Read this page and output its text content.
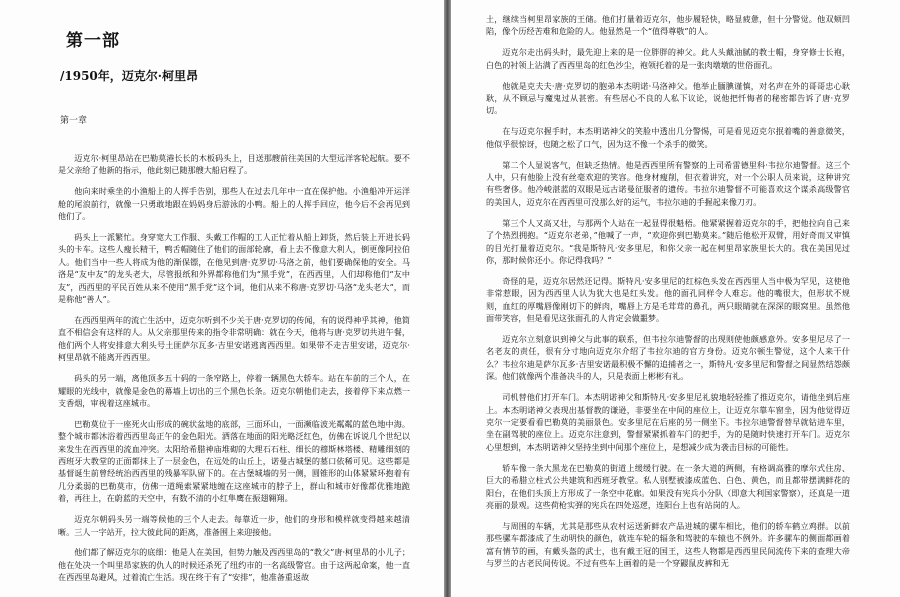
第一部
/1950年，迈克尔·柯里昂
第一章

迈克尔·柯里昂站在巴勒莫港长长的木板码头上，目送那艘前往美国的大型远洋客轮起航。要不是父亲给了他新的指示，他此刻已随那艘大船启程了。

他向来时乘坐的小渔船上的人挥手告别，那些人在过去几年中一直在保护他。小渔船冲开运洋舱的尾浪前行，就像一只勇敢地跟在妈妈身后游泳的小鸭。船上的人挥手回应，他今后不会再见到他们了。

码头上一派繁忙。身穿宽大工作服、头戴工作帽的工人正忙着从船上卸货，然后装上开进长码头的卡车。这些人瘦长精干，鸭舌帽随住了他们的面部轮廓，看上去不像意大利人，倒更像阿拉伯人。他们当中一些人将成为他的渐保镖，在他见到唐·克罗切·马洛之前，他们要确保他的安全。马洛是“友中友”的龙头老大，尽管报纸和外界都称他们为“黑手党”，在西西里，人们却称他们“友中友”，西西里的平民百姓从来不使用“黑手党”这个词，他们从来不称唐·克罗切·马洛“龙头老大”，而是称他“善人”。

在西西里两年的流亡生活中，迈克尔听到不少关于唐·克罗切的传闻，有的说得神乎其神，他简直不相信会有这样的人。从父亲那里传来的指令非常明确：就在今天，他将与唐·克罗切共进午餐，他们两个人将安排意大利头号土匪萨尔瓦多·吉里安诺逃离西西里。如果带不走吉里安诺，迈克尔·柯里昂就不能离开西西里。

码头的另一端，离他顶多五十码的一条窄路上，停着一辆黑色大轿车。站在车前的三个人，在耀眼的光线中，就像是金色的幕墙上切出的三个黑色长条。迈克尔朝他们走去，接着停下来点燃一支香烟，审视着这座城市。

巴勒莫位于一座死火山形成的碗状盆地的底部，三面环山，一面濒临波光粼粼的蓝色地中海。整个城市都沐浴着西西里岛正午的金色阳光。洒落在地面的阳光略泛红色，仿佛在诉说几个世纪以来发生在西西里的流血冲突。太阳给希腊神庙堆砌的大理石石柱、细长的穆斯林塔楼、精雕细刻的西班牙大教堂的正面都抹上了一层金色，在远处的山丘上，诺曼古城堡的墓口依稀可见。这些都是基督诞生前曾经统治西西里的残暴军队留下的。在古堡城墙的另一侧，圆锥形的山体紧紧环抱着有几分柔弱的巴勒莫市，仿佛一道绳索紧紧地缠在这座城市的脖子上，群山和城市好像都优雅地跪着，再往上，在蔚蓝的天空中，有数不清的小红隼鹰在振翅翱翔。

迈克尔朝码头另一端等候他的三个人走去。每靠近一步，他们的身形和模样就变得越来越清晰。三人一字站开，拉大彼此间的距离，准备围上来迎接他。

他们都了解迈克尔的底细：他是人在美国，但势力触及西西里岛的“教父”唐·柯里昂的小儿子；他在处决一个叫里昂家族的仇人的时候还杀死了纽约市的一名高级警官。由于这两起命案，他一直在西西里岛避风，过着流亡生活。现在终于有了“安排”，他准备重返故

土，继续当柯里昂家族的王储。他们打量着迈克尔，他步履轻快，略显疲惫，但十分警觉。他双颊凹陷，像个历经苦难和危险的人。他显然是一个“值得尊敬”的人。

迈克尔走出码头时，最先迎上来的是一位胖胖的神父。此人头戴油腻的教士帽，身穿修士长袍，白色的衬领上沾满了西西里岛的红色沙尘，袍领托着的是一张肉墩墩的世俗面孔。

他就是克夫夫·唐·克罗切的胞弟本杰明诺·马洛神父。他举止腼腆谨慎，对名声在外的哥哥忠心耿耿，从不顾忌与魔鬼过从甚密。有些居心不良的人私下议论，说他把忏悔者的秘密都告诉了唐·克罗切。

在与迈克尔握手时，本杰明诺神父的笑脸中透出几分警惕，可是看见迈克尔抿着嘴的善意微笑，他似乎很惊讶，也随之松了口气，因为这不像一个杀手的微笑。

第二个人显说客气，但缺乏热情。他是西西里所有警察的上司希雷德里科·韦拉尔迪警督。这三个人中，只有他脸上没有丝毫欢迎的笑容。他身材瘦削，但衣着讲究，对一个公职人员来说，这种讲究有些奢侈。他冷峻湛蓝的双眼是远古诺曼征服者的遗传。韦拉尔迪警督不可能喜欢这个谋杀高级警官的美国人，迈克尔在西西里可没那么好的运气，韦拉尔迪的手握起来像刀刃。

第三个人又高又壮，与那两个人站在一起显得很魁梧。他紧紧握着迈克尔的手，把他拉向自己来了个热烈拥抱。“迈克尔老弟，”他喊了一声，“欢迎你到巴勒莫来。”随后他松开双臂，用好奇而又审慎的目光打量着迈克尔。“我是斯特凡·安多里尼，和你父亲一起在柯里昂家族里长大的。我在美国见过你，那时候你还小。你记得我吗？”

奇怪的是，迈克尔居然还记得。斯特凡·安多里尼的红棕色头发在西西里人当中极为罕见，这使他非常惹眼，因为西西里人认为犹大也是红头发。他的面孔同样令人难忘。他的嘴很大，但形状不规则，血红的厚嘴唇像刚切下的鲜肉，嘴唇上方是毛茸茸的鼻孔，两只眼睛就在深深的眼窝里。虽然他面带笑容，但是看见这张面孔的人肯定会做噩梦。

迈克尔立刻意识到神父与此事的联系，但韦拉尔迪警督的出现则使他颇感意外。安多里尼尽了一名老友的责任，很有分寸地向迈克尔介绍了韦拉尔迪的官方身份。迈克尔顿生警觉，这个人来干什么？韦拉尔迪是萨尔瓦多·吉里安诺最积极不懈的追捕者之一，斯特凡·安多里尼和警督之间显然结怨颇深。他们就像两个准备决斗的人，只是表面上彬彬有礼。

司机替他们打开车门。本杰明诺神父和斯特凡·安多里尼礼貌地轻轻推了推迈克尔，请他坐到后座上。本杰明诺神父表现出基督教的谦逊，非要坐在中间的座位上，让迈克尔靠车窗坐，因为他觉得迈克尔一定要看看巴勒莫的美丽景色。安多里尼在后座的另一侧坐下。韦拉尔迪警督替早就钻进车里，坐在副驾驶的座位上。迈克尔注意到，警督紧紧抓着车门的把手，为的是随时快速打开车门。迈克尔心里想到，本杰明诺神父坚持坐到中间那个座位上，是想减少成为袭击目标的可能性。

轿车像一条大黑龙在巴勒莫的街道上缓缓行驶。在一条大道的两侧，有格调高雅的摩尔式住房、巨大的希腊立柱式公共建筑和西班牙教堂。私人别墅被漆成蓝色、白色、黄色，而且都带摆满鲜花的阳台，在他们头顶上方形成了一条空中花廊。如果没有宪兵小分队（即意大利国家警察），还真是一道亮丽的景观。这些荷枪实弹的宪兵在四处巡逻，连阳台上也有站岗的人。

与周围的车辆，尤其是那些从农村运送新鲜农产品进城的骡车相比，他们的轿车鹤立鸡群。以前那些骡车都漆成了生动明快的颜色，就连车轮的辐条和驾驶的车辕也不例外。许多骡车的侧面都画着富有情节的画，有戴头盔的武士，也有戴王冠的国王，这些人物都是西西里民间流传下来的查理大帝与罗兰的古老民间传说。不过有些车上画着的是一个穿鼹鼠皮裤和无
